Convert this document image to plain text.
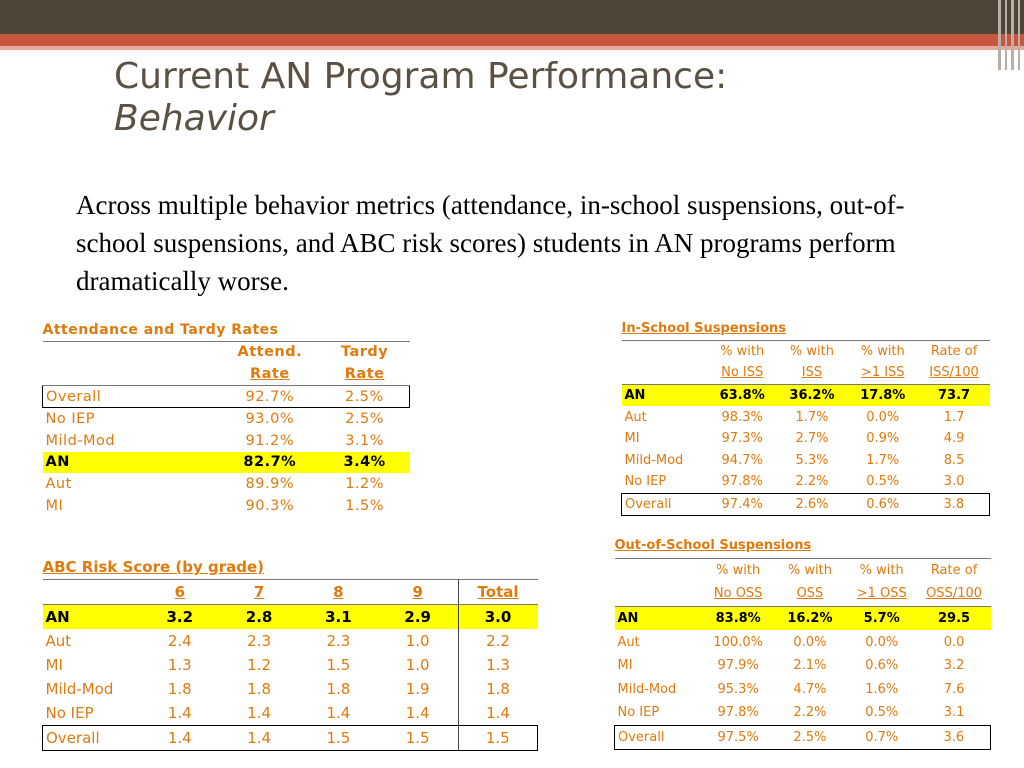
Current AN Program Performance:
Behavior
Across multiple behavior metrics (attendance, in-school suspensions, out-of-school suspensions, and ABC risk scores) students in AN programs perform dramatically worse.
Attendance and Tardy Rates		
	Attend.	Tardy
	Rate	Rate
Overall	92.7%	2.5%
No IEP	93.0%	2.5%
Mild-Mod	91.2%	3.1%
AN	82.7%	3.4%
Aut	89.9%	1.2%
MI	90.3%	1.5%
In-School Suspensions				
	% with	% with	% with	Rate of
	No ISS	ISS	>1 ISS	ISS/100
AN	63.8%	36.2%	17.8%	73.7
Aut	98.3%	1.7%	0.0%	1.7
MI	97.3%	2.7%	0.9%	4.9
Mild-Mod	94.7%	5.3%	1.7%	8.5
No IEP	97.8%	2.2%	0.5%	3.0
Overall	97.4%	2.6%	0.6%	3.8
ABC Risk Score (by grade)					
	6	7	8	9	Total
AN	3.2	2.8	3.1	2.9	3.0
Aut	2.4	2.3	2.3	1.0	2.2
MI	1.3	1.2	1.5	1.0	1.3
Mild-Mod	1.8	1.8	1.8	1.9	1.8
No IEP	1.4	1.4	1.4	1.4	1.4
Overall	1.4	1.4	1.5	1.5	1.5
Out-of-School Suspensions				
	% with	% with	% with	Rate of
	No OSS	OSS	>1 OSS	OSS/100
AN	83.8%	16.2%	5.7%	29.5
Aut	100.0%	0.0%	0.0%	0.0
MI	97.9%	2.1%	0.6%	3.2
Mild-Mod	95.3%	4.7%	1.6%	7.6
No IEP	97.8%	2.2%	0.5%	3.1
Overall	97.5%	2.5%	0.7%	3.6
